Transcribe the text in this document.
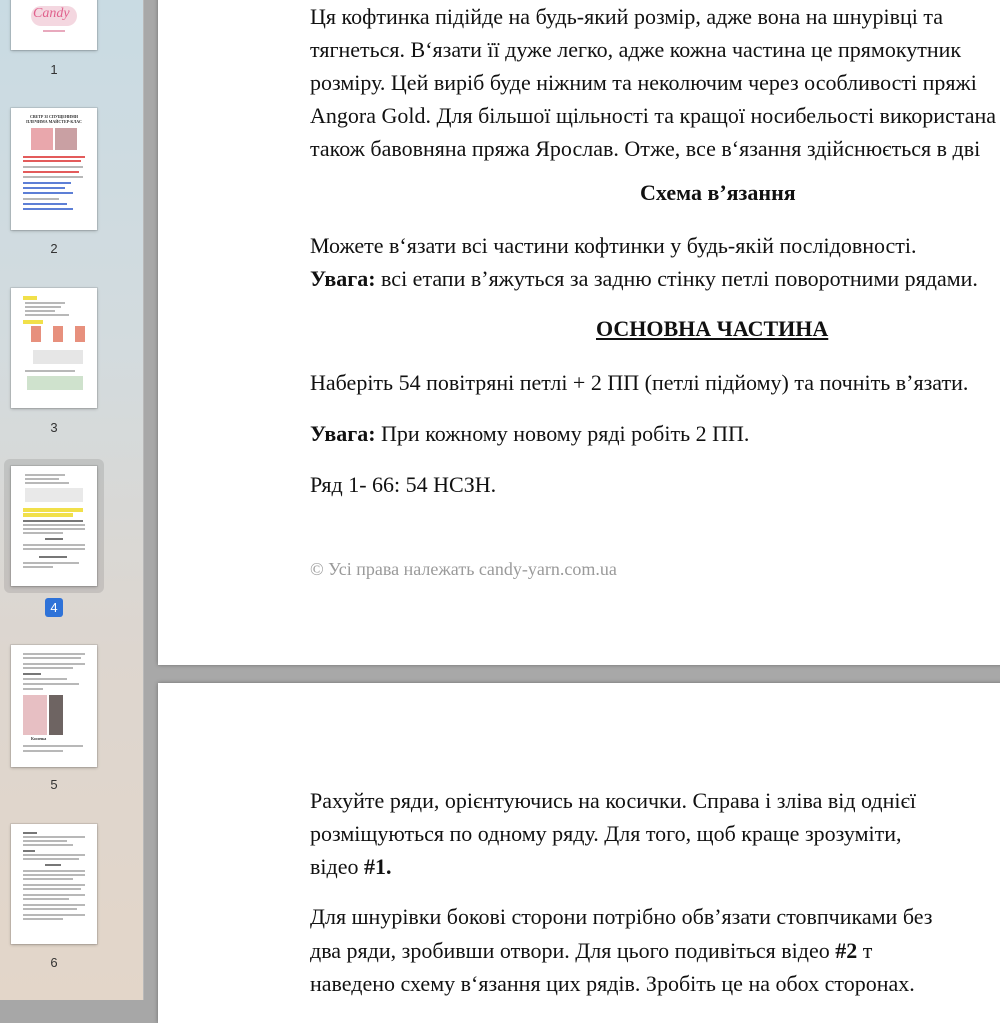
Candy
1
СВЕТР ЗІ СПУЩЕНИМИ ПЛЕЧИМА МАЙСТЕР-КЛАС
2
3
4
Косичка
5
6
Ця кофтинка підійде на будь-який розмір, адже вона на шнурівці та
тягнеться. В‘язати її дуже легко, адже кожна частина це прямокутник
розміру. Цей виріб буде ніжним та неколючим через особливості пряжі
Angora Gold. Для більшої щільності та кращої носибельості використана
також бавовняна пряжа Ярослав. Отже, все в‘язання здійснюється в дві
Схема в’язання
Можете в‘язати всі частини кофтинки у будь-якій послідовності.
Увага: всі етапи в’яжуться за задню стінку петлі поворотними рядами.
ОСНОВНА ЧАСТИНА
Наберіть 54 повітряні петлі + 2 ПП (петлі підйому) та почніть в’язати.
Увага: При кожному новому ряді робіть 2 ПП.
Ряд 1- 66: 54 НСЗН.
© Усі права належать candy-yarn.com.ua
Рахуйте ряди, орієнтуючись на косички. Справа і зліва від однієї
розміщуються по одному ряду. Для того, щоб краще зрозуміти,
відео #1.
Для шнурівки бокові сторони потрібно обв’язати стовпчиками без
два ряди, зробивши отвори. Для цього подивіться відео #2 т
наведено схему в‘язання цих рядів. Зробіть це на обох сторонах.
